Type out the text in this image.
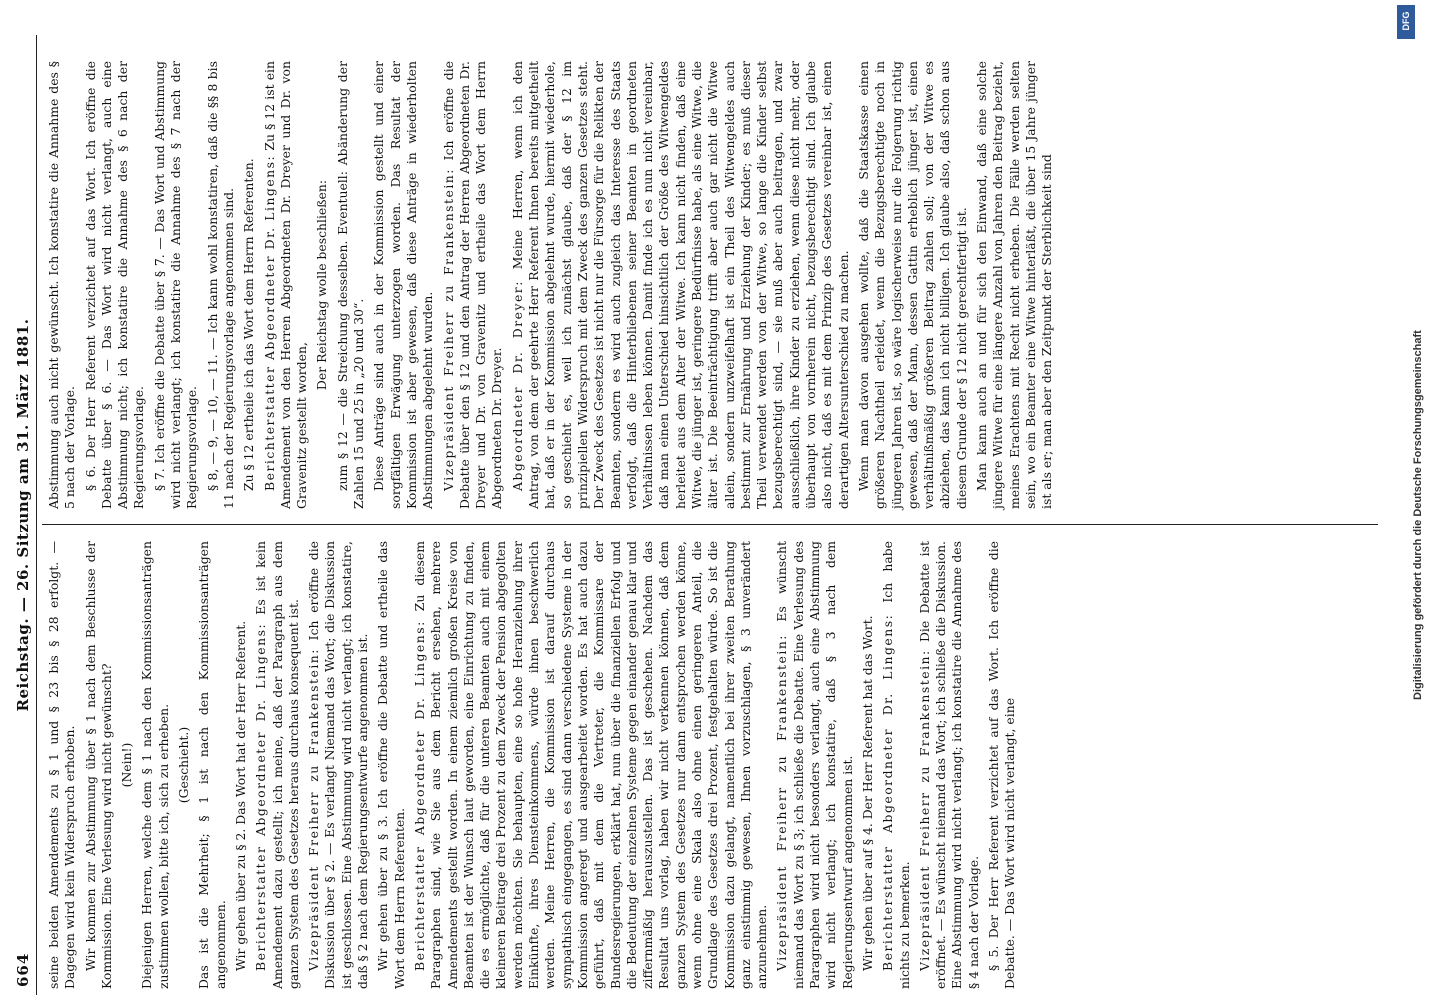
664
Reichstag. — 26. Sitzung am 31. März 1881.

seine beiden Amendements zu § 1 und § 23 bis § 28 erfolgt. — Dagegen wird kein Widerspruch erhoben. Wir kommen zur Abstimmung über § 1 nach dem Beschlusse der Kommission. Eine Verlesung wird nicht gewünscht? (Nein!) Diejenigen Herren, welche dem § 1 nach den Kommissionsanträgen zustimmen wollen, bitte ich, sich zu erheben. (Geschieht.) Das ist die Mehrheit; § 1 ist nach den Kommissionsanträgen angenommen. Wir gehen über zu § 2. Das Wort hat der Herr Referent. Berichterstatter Abgeordneter Dr. Lingens: Es ist kein Amendement dazu gestellt; ich meine, daß der Paragraph aus dem ganzen System des Gesetzes heraus durchaus konsequent ist. Vizepräsident Freiherr zu Frankenstein: Ich eröffne die Diskussion über § 2. — Es verlangt Niemand das Wort; die Diskussion ist geschlossen. Eine Abstimmung wird nicht verlangt; ich konstatire, daß § 2 nach dem Regierungsentwurfe angenommen ist. Wir gehen über zu § 3. Ich eröffne die Debatte und ertheile das Wort dem Herrn Referenten. Berichterstatter Abgeordneter Dr. Lingens: Zu diesem Paragraphen sind, wie Sie aus dem Bericht ersehen, mehrere Amendements gestellt worden. In einem ziemlich großen Kreise von Beamten ist der Wunsch laut geworden, eine Einrichtung zu finden, die es ermöglichte, daß für die unteren Beamten auch mit einem kleineren Beitrage drei Prozent zu dem Zweck der Pension abgegolten werden möchten. Sie behaupten, eine so hohe Heranziehung ihrer Einkünfte, ihres Diensteinkommens, würde ihnen beschwerlich werden. Meine Herren, die Kommission ist darauf durchaus sympathisch eingegangen, es sind dann verschiedene Systeme in der Kommission angeregt und ausgearbeitet worden. Es hat auch dazu geführt, daß mit dem die Vertreter, die Kommissare der Bundesregierungen, erklärt hat, nun über die finanziellen Erfolg und die Bedeutung der einzelnen Systeme gegen einander genau klar und ziffernmäßig herauszustellen. Das ist geschehen. Nachdem das Resultat uns vorlag, haben wir nicht verkennen können, daß dem ganzen System des Gesetzes nur dann entsprochen werden könne, wenn ohne eine Skala also ohne einen geringeren Anteil, die Grundlage des Gesetzes drei Prozent, festgehalten würde. So ist die Kommission dazu gelangt, namentlich bei ihrer zweiten Berathung ganz einstimmig gewesen, Ihnen vorzuschlagen, § 3 unverändert anzunehmen. Vizepräsident Freiherr zu Frankenstein: Es wünscht niemand das Wort zu § 3; ich schließe die Debatte. Eine Verlesung des Paragraphen wird nicht besonders verlangt, auch eine Abstimmung wird nicht verlangt; ich konstatire, daß § 3 nach dem Regierungsentwurf angenommen ist. Wir gehen über auf § 4. Der Herr Referent hat das Wort. Berichterstatter Abgeordneter Dr. Lingens: Ich habe nichts zu bemerken. Vizepräsident Freiherr zu Frankenstein: Die Debatte ist eröffnet. — Es wünscht niemand das Wort; ich schließe die Diskussion. Eine Abstimmung wird nicht verlangt; ich konstatire die Annahme des § 4 nach der Vorlage. § 5. Der Herr Referent verzichtet auf das Wort. Ich eröffne die Debatte. — Das Wort wird nicht verlangt, eine

Abstimmung auch nicht gewünscht. Ich konstatire die Annahme des § 5 nach der Vorlage. § 6. Der Herr Referent verzichtet auf das Wort. Ich eröffne die Debatte über § 6. — Das Wort wird nicht verlangt, auch eine Abstimmung nicht; ich konstatire die Annahme des § 6 nach der Regierungsvorlage. § 7. Ich eröffne die Debatte über § 7. — Das Wort und Abstimmung wird nicht verlangt; ich konstatire die Annahme des § 7 nach der Regierungsvorlage. § 8, — 9, — 10, — 11. — Ich kann wohl konstatiren, daß die §§ 8 bis 11 nach der Regierungsvorlage angenommen sind. Zu § 12 ertheile ich das Wort dem Herrn Referenten. Berichterstatter Abgeordneter Dr. Lingens: Zu § 12 ist ein Amendement von den Herren Abgeordneten Dr. Dreyer und Dr. von Gravenitz gestellt worden,

Der Reichstag wolle beschließen: zum § 12 — die Streichung desselben. Eventuell: Abänderung der Zahlen 15 und 25 in „20 und 30“. Diese Anträge sind auch in der Kommission gestellt und einer sorgfältigen Erwägung unterzogen worden. Das Resultat der Kommission ist aber gewesen, daß diese Anträge in wiederholten Abstimmungen abgelehnt wurden. Vizepräsident Freiherr zu Frankenstein: Ich eröffne die Debatte über den § 12 und den Antrag der Herren Abgeordneten Dr. Dreyer und Dr. von Gravenitz und ertheile das Wort dem Herrn Abgeordneten Dr. Dreyer. Abgeordneter Dr. Dreyer: Meine Herren, wenn ich den Antrag, von dem der geehrte Herr Referent Ihnen bereits mitgetheilt hat, daß er in der Kommission abgelehnt wurde, hiermit wiederhole, so geschieht es, weil ich zunächst glaube, daß der § 12 im prinzipiellen Widerspruch mit dem Zweck des ganzen Gesetzes steht. Der Zweck des Gesetzes ist nicht nur die Fürsorge für die Relikten der Beamten, sondern es wird auch zugleich das Interesse des Staats verfolgt, daß die Hinterbliebenen seiner Beamten in geordneten Verhältnissen leben können. Damit finde ich es nun nicht vereinbar, daß man einen Unterschied hinsichtlich der Größe des Witwengeldes herleitet aus dem Alter der Witwe. Ich kann nicht finden, daß eine Witwe, die jünger ist, geringere Bedürfnisse habe, als eine Witwe, die älter ist. Die Beeinträchtigung trifft aber auch gar nicht die Witwe allein, sondern unzweifelhaft ist ein Theil des Witwengeldes auch bestimmt zur Ernährung und Erziehung der Kinder; es muß dieser Theil verwendet werden von der Witwe, so lange die Kinder selbst bezugsberechtigt sind, — sie muß aber auch beitragen, und zwar ausschließlich, ihre Kinder zu erziehen, wenn diese nicht mehr, oder überhaupt von vornherein nicht, bezugsberechtigt sind. Ich glaube also nicht, daß es mit dem Prinzip des Gesetzes vereinbar ist, einen derartigen Altersunterschied zu machen. Wenn man davon ausgehen wollte, daß die Staatskasse einen größeren Nachtheil erleidet, wenn die Bezugsberechtigte noch in jüngeren Jahren ist, so wäre logischerweise nur die Folgerung richtig gewesen, daß der Mann, dessen Gattin erheblich jünger ist, einen verhältnißmäßig größeren Beitrag zahlen soll; von der Witwe es abziehen, das kann ich nicht billigen. Ich glaube also, daß schon aus diesem Grunde der § 12 nicht gerechtfertigt ist. Man kann auch an und für sich den Einwand, daß eine solche jüngere Witwe für eine längere Anzahl von Jahren den Beitrag bezieht, meines Erachtens mit Recht nicht erheben. Die Fälle werden selten sein, wo ein Beamter eine Witwe hinterläßt, die über 15 Jahre jünger ist als er; man aber den Zeitpunkt der Sterblichkeit sind

DFG
Digitalisierung gefördert durch die Deutsche Forschungsgemeinschaft
